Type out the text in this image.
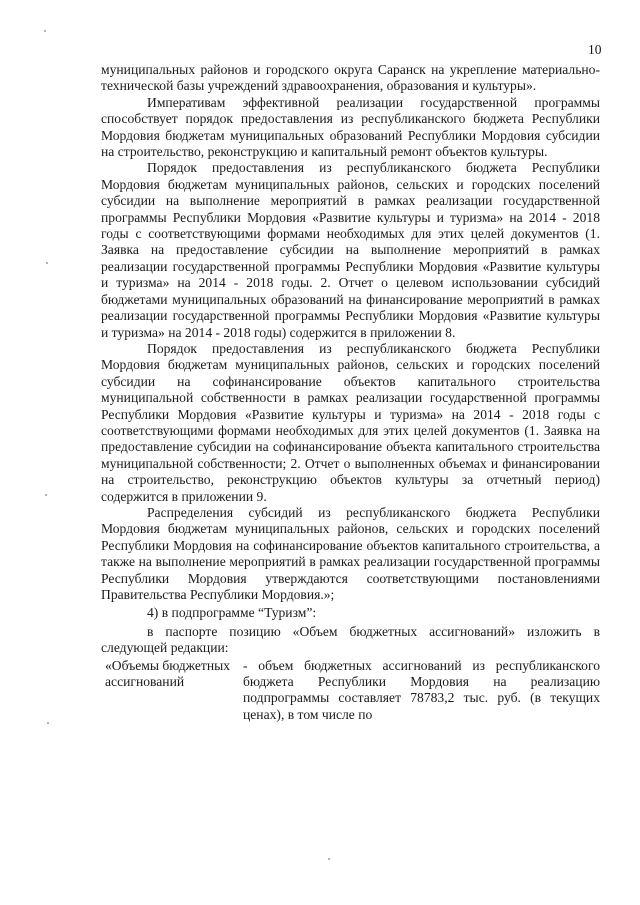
10

муниципальных районов и городского округа Саранск на укрепление материально-технической базы учреждений здравоохранения, образования и культуры».

Императивам эффективной реализации государственной программы способствует порядок предоставления из республиканского бюджета Республики Мордовия бюджетам муниципальных образований Республики Мордовия субсидии на строительство, реконструкцию и капитальный ремонт объектов культуры.

Порядок предоставления из республиканского бюджета Республики Мордовия бюджетам муниципальных районов, сельских и городских поселений субсидии на выполнение мероприятий в рамках реализации государственной программы Республики Мордовия «Развитие культуры и туризма» на 2014 - 2018 годы с соответствующими формами необходимых для этих целей документов (1. Заявка на предоставление субсидии на выполнение мероприятий в рамках реализации государственной программы Республики Мордовия «Развитие культуры и туризма» на 2014 - 2018 годы. 2. Отчет о целевом использовании субсидий бюджетами муниципальных образований на финансирование мероприятий в рамках реализации государственной программы Республики Мордовия «Развитие культуры и туризма» на 2014 - 2018 годы) содержится в приложении 8.

Порядок предоставления из республиканского бюджета Республики Мордовия бюджетам муниципальных районов, сельских и городских поселений субсидии на софинансирование объектов капитального строительства муниципальной собственности в рамках реализации государственной программы Республики Мордовия «Развитие культуры и туризма» на 2014 - 2018 годы с соответствующими формами необходимых для этих целей документов (1. Заявка на предоставление субсидии на софинансирование объекта капитального строительства муниципальной собственности; 2. Отчет о выполненных объемах и финансировании на строительство, реконструкцию объектов культуры за отчетный период) содержится в приложении 9.

Распределения субсидий из республиканского бюджета Республики Мордовия бюджетам муниципальных районов, сельских и городских поселений Республики Мордовия на софинансирование объектов капитального строительства, а также на выполнение мероприятий в рамках реализации государственной программы Республики Мордовия утверждаются соответствующими постановлениями Правительства Республики Мордовия.»;

4) в подпрограмме “Туризм”:

в паспорте позицию «Объем бюджетных ассигнований» изложить в следующей редакции:

«Объемы бюджетных ассигнований
- объем бюджетных ассигнований из республиканского бюджета Республики Мордовия на реализацию подпрограммы составляет 78783,2 тыс. руб. (в текущих ценах), в том числе по
